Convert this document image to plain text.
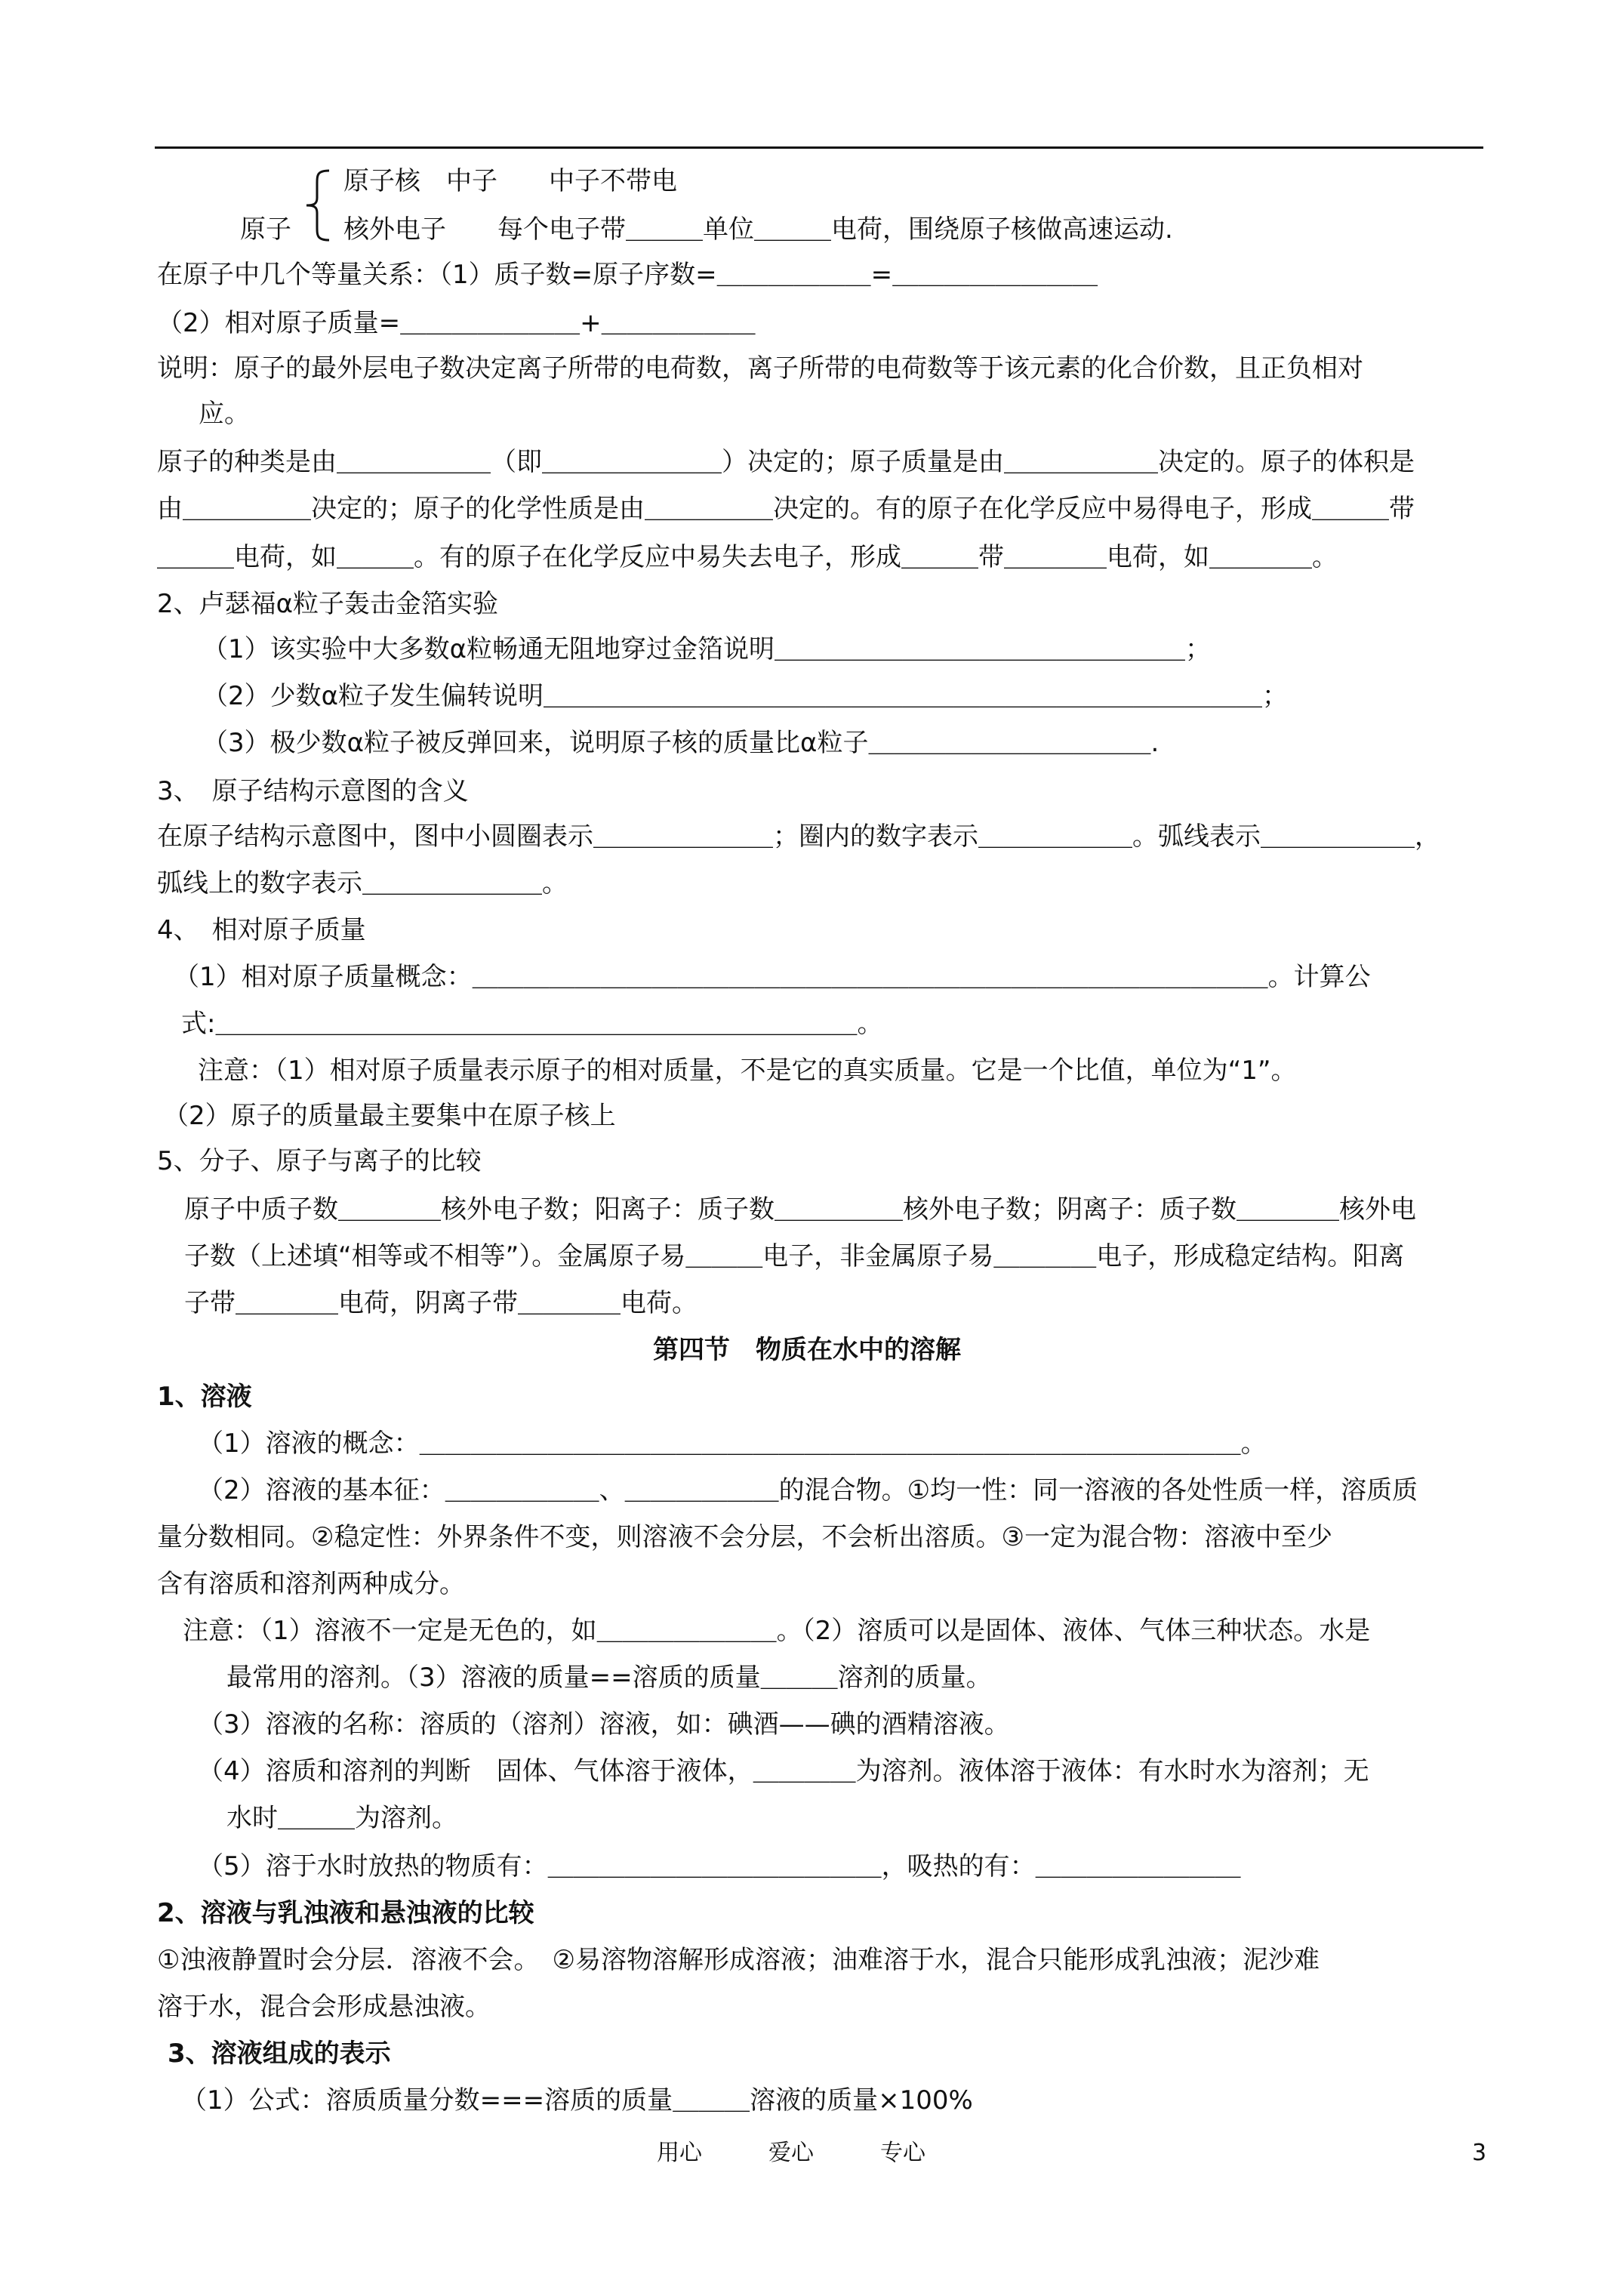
原子核　中子　　中子不带电
原子 核外电子　　每个电子带＿＿＿单位＿＿＿电荷，围绕原子核做高速运动.
在原子中几个等量关系：（1）质子数=原子序数=＿＿＿＿＿＿=＿＿＿＿＿＿＿＿
（2）相对原子质量=＿＿＿＿＿＿＿+＿＿＿＿＿＿
说明：原子的最外层电子数决定离子所带的电荷数，离子所带的电荷数等于该元素的化合价数，且正负相对
应。
原子的种类是由＿＿＿＿＿＿（即＿＿＿＿＿＿＿）决定的；原子质量是由＿＿＿＿＿＿决定的。原子的体积是
由＿＿＿＿＿决定的；原子的化学性质是由＿＿＿＿＿决定的。有的原子在化学反应中易得电子，形成＿＿＿带
＿＿＿电荷，如＿＿＿。有的原子在化学反应中易失去电子，形成＿＿＿带＿＿＿＿电荷，如＿＿＿＿。
2、卢瑟福α粒子轰击金箔实验
（1）该实验中大多数α粒畅通无阻地穿过金箔说明＿＿＿＿＿＿＿＿＿＿＿＿＿＿＿＿；
（2）少数α粒子发生偏转说明＿＿＿＿＿＿＿＿＿＿＿＿＿＿＿＿＿＿＿＿＿＿＿＿＿＿＿＿；
（3）极少数α粒子被反弹回来，说明原子核的质量比α粒子＿＿＿＿＿＿＿＿＿＿＿.
3、　原子结构示意图的含义
在原子结构示意图中，图中小圆圈表示＿＿＿＿＿＿＿；圈内的数字表示＿＿＿＿＿＿。弧线表示＿＿＿＿＿＿，
弧线上的数字表示＿＿＿＿＿＿＿。
4、　相对原子质量
（1）相对原子质量概念：＿＿＿＿＿＿＿＿＿＿＿＿＿＿＿＿＿＿＿＿＿＿＿＿＿＿＿＿＿＿＿。计算公
式:＿＿＿＿＿＿＿＿＿＿＿＿＿＿＿＿＿＿＿＿＿＿＿＿＿。
注意：（1）相对原子质量表示原子的相对质量，不是它的真实质量。它是一个比值，单位为“1”。
（2）原子的质量最主要集中在原子核上
5、分子、原子与离子的比较
原子中质子数＿＿＿＿核外电子数；阳离子：质子数＿＿＿＿＿核外电子数；阴离子：质子数＿＿＿＿核外电
子数（上述填“相等或不相等”）。金属原子易＿＿＿电子，非金属原子易＿＿＿＿电子，形成稳定结构。阳离
子带＿＿＿＿电荷，阴离子带＿＿＿＿电荷。
第四节　物质在水中的溶解
1、溶液
（1）溶液的概念：＿＿＿＿＿＿＿＿＿＿＿＿＿＿＿＿＿＿＿＿＿＿＿＿＿＿＿＿＿＿＿＿。
（2）溶液的基本征：＿＿＿＿＿＿、＿＿＿＿＿＿的混合物。①均一性：同一溶液的各处性质一样，溶质质
量分数相同。②稳定性：外界条件不变，则溶液不会分层，不会析出溶质。③一定为混合物：溶液中至少
含有溶质和溶剂两种成分。
注意：（1）溶液不一定是无色的，如＿＿＿＿＿＿＿。（2）溶质可以是固体、液体、气体三种状态。水是
最常用的溶剂。（3）溶液的质量==溶质的质量＿＿＿溶剂的质量。
（3）溶液的名称：溶质的（溶剂）溶液，如：碘酒——碘的酒精溶液。
（4）溶质和溶剂的判断　固体、气体溶于液体，＿＿＿＿为溶剂。液体溶于液体：有水时水为溶剂；无
水时＿＿＿为溶剂。
（5）溶于水时放热的物质有：＿＿＿＿＿＿＿＿＿＿＿＿＿，吸热的有：＿＿＿＿＿＿＿＿
2、溶液与乳浊液和悬浊液的比较
①浊液静置时会分层．溶液不会。　②易溶物溶解形成溶液；油难溶于水，混合只能形成乳浊液；泥沙难
溶于水，混合会形成悬浊液。
3、溶液组成的表示
（1）公式：溶质质量分数===溶质的质量＿＿＿溶液的质量×100%
用心	爱心	专心	3
